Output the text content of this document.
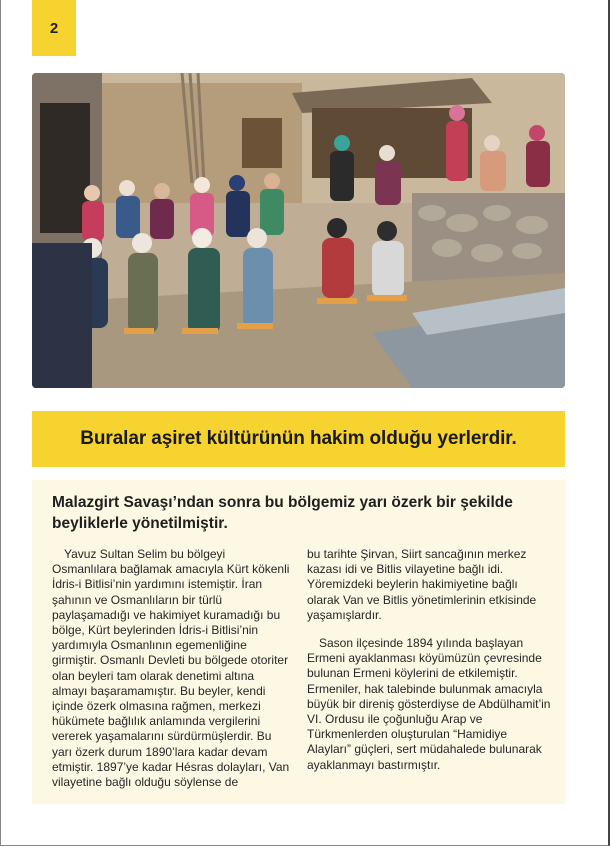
2
Buralar aşiret kültürünün hakim olduğu yerlerdir.

Malazgirt Savaşı’ndan sonra bu bölgemiz yarı özerk bir şekilde beyliklerle yönetilmiştir.

Yavuz Sultan Selim bu bölgeyi Osmanlılara bağlamak amacıyla Kürt kökenli İdris-i Bitlisi’nin yardımını istemiştir. İran şahının ve Osmanlıların bir türlü paylaşamadığı ve hakimiyet kuramadığı bu bölge, Kürt beylerinden İdris-i Bitlisi’nin yardımıyla Osmanlının egemenliğine girmiştir. Osmanlı Devleti bu bölgede otoriter olan beyleri tam olarak denetimi altına almayı başaramamıştır. Bu beyler, kendi içinde özerk olmasına rağmen, merkezi hükümete bağlılık anlamında vergilerini vererek yaşamalarını sürdürmüşlerdir. Bu yarı özerk durum 1890’lara kadar devam etmiştir. 1897’ye kadar Hésras dolayları, Van vilayetine bağlı olduğu söylense de

bu tarihte Şirvan, Siirt sancağının merkez kazası idi ve Bitlis vilayetine bağlı idi. Yöremizdeki beylerin hakimiyetine bağlı olarak Van ve Bitlis yönetimlerinin etkisinde yaşamışlardır.

Sason ilçesinde 1894 yılında başlayan Ermeni ayaklanması köyümüzün çevresinde bulunan Ermeni köylerini de etkilemiştir. Ermeniler, hak talebinde bulunmak amacıyla büyük bir direniş gösterdiyse de Abdülhamit’in VI. Ordusu ile çoğunluğu Arap ve Türkmenlerden oluşturulan “Hamidiye Alayları” güçleri, sert müdahalede bulunarak ayaklanmayı bastırmıştır.
